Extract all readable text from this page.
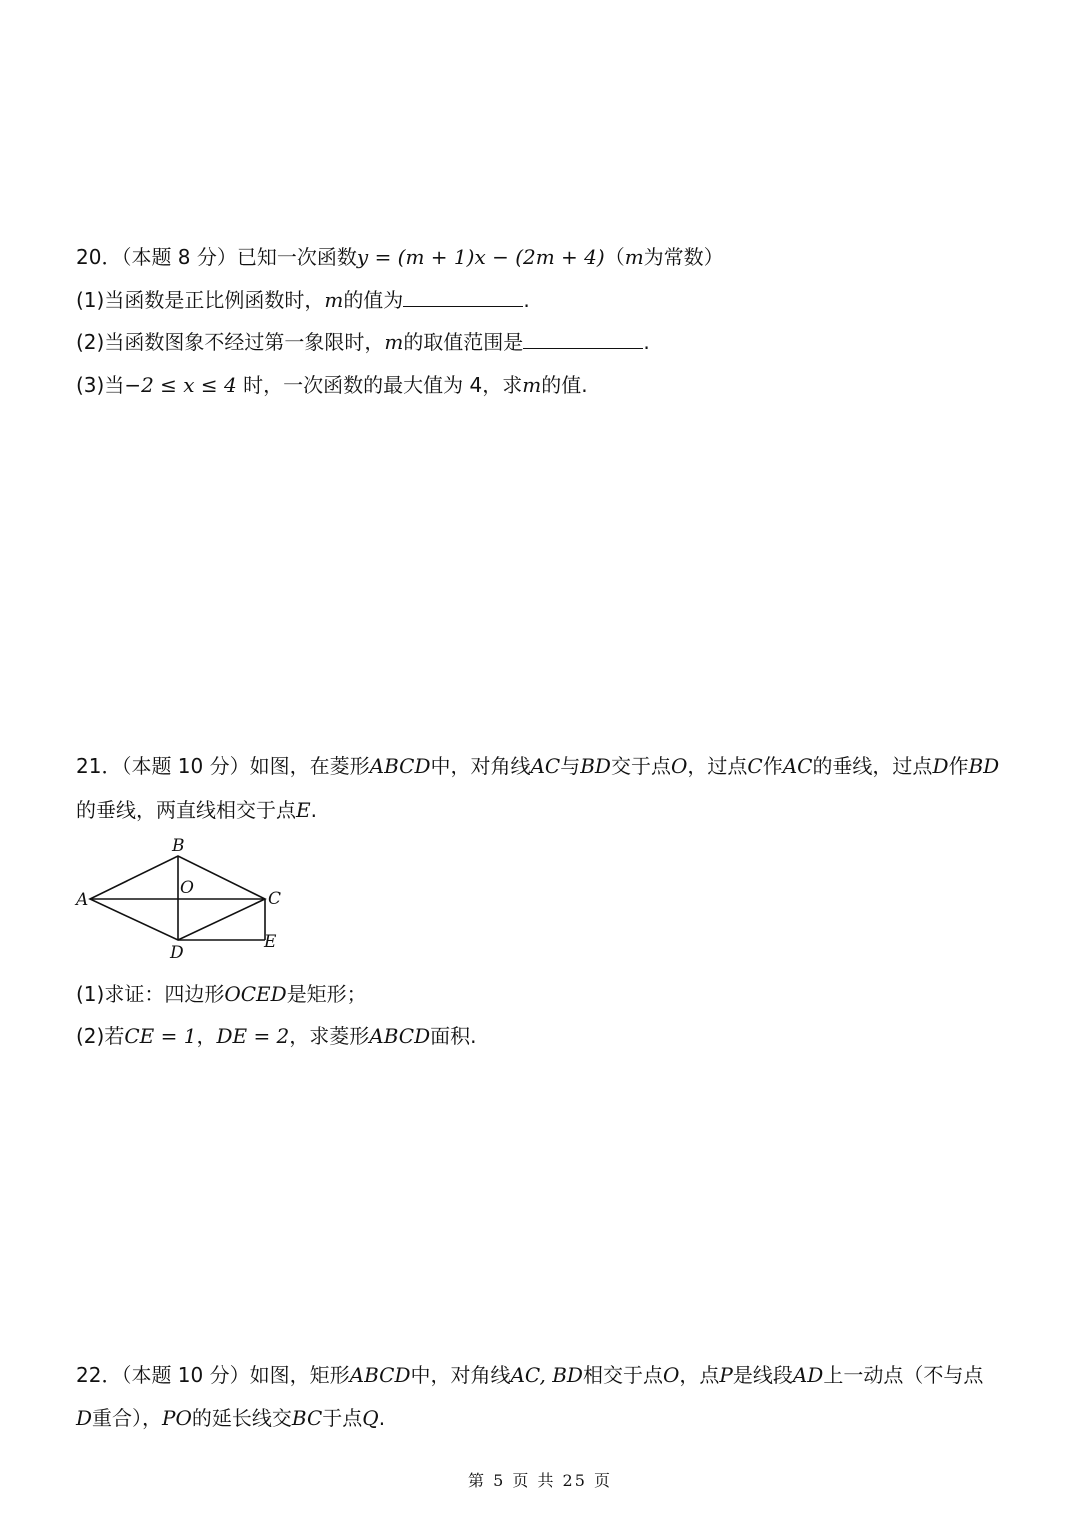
20．（本题 8 分）已知一次函数y = (m + 1)x − (2m + 4)（m为常数）
(1)当函数是正比例函数时，m的值为	.
(2)当函数图象不经过第一象限时，m的取值范围是	.
(3)当−2 ≤ x ≤ 4 时，一次函数的最大值为 4，求m的值.
21．（本题 10 分）如图，在菱形ABCD中，对角线AC与BD交于点O，过点C作AC的垂线，过点D作BD
的垂线，两直线相交于点E.
B
A
O
C
D
E
(1)求证：四边形OCED是矩形；
(2)若CE = 1，DE = 2，求菱形ABCD面积.
22．（本题 10 分）如图，矩形ABCD中，对角线AC, BD相交于点O，点P是线段AD上一动点（不与点
D重合），PO的延长线交BC于点Q.
第 5 页 共 25 页
